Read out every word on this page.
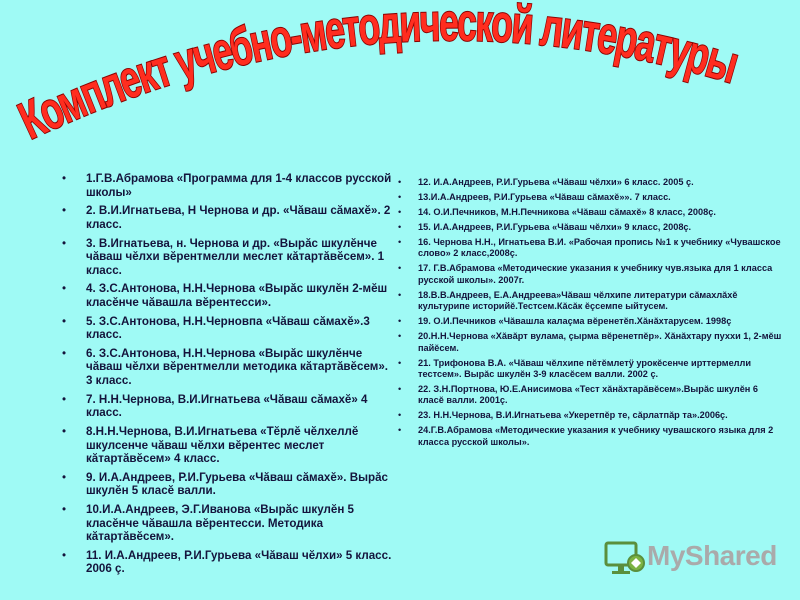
Комплект учебно-методической литературы
• 1.Г.В.Абрамова «Программа для 1-4 классов русской школы»
• 2. В.И.Игнатьева, Н Чернова и др. «Чăваш сăмахĕ». 2 класс.
• 3. В.Игнатьева, н. Чернова и др. «Вырăс шкулĕнче чăваш чĕлхи вĕрентмелли меслет кăтартăвĕсем». 1 класс.
• 4. З.С.Антонова, Н.Н.Чернова «Вырăс шкулĕн 2-мĕш класĕнче чăвашла вĕрентесси».
• 5. З.С.Антонова, Н.Н.Черновпа «Чăваш сăмахĕ».3 класс.
• 6. З.С.Антонова, Н.Н.Чернова «Вырăс шкулĕнче чăваш чĕлхи вĕрентмелли методика кăтартăвĕсем». 3 класс.
• 7. Н.Н.Чернова, В.И.Игнатьева «Чăваш сăмахĕ» 4 класс.
• 8.Н.Н.Чернова, В.И.Игнатьева «Тĕрлĕ чĕлхеллĕ шкулсенче чăваш чĕлхи вĕрентес меслет кăтартăвĕсем» 4 класс.
• 9. И.А.Андреев, Р.И.Гурьева «Чăваш сăмахĕ». Вырăс шкулĕн 5 класĕ валли.
• 10.И.А.Андреев, Э.Г.Иванова «Вырăс шкулĕн 5 класĕнче чăвашла вĕрентесси. Методика кăтартăвĕсем».
• 11. И.А.Андреев, Р.И.Гурьева «Чăваш чĕлхи» 5 класс. 2006 ç.
• 12. И.А.Андреев, Р.И.Гурьева «Чăваш чĕлхи» 6 класс. 2005 ç.
• 13.И.А.Андреев, Р.И.Гурьева «Чăваш сăмахĕ»». 7 класс.
• 14. О.И.Печников, М.Н.Печникова «Чăваш сăмахĕ» 8 класс, 2008ç.
• 15. И.А.Андреев, Р.И.Гурьева «Чăваш чĕлхи» 9 класс, 2008ç.
• 16. Чернова Н.Н., Игнатьева В.И. «Рабочая пропись №1 к учебнику «Чувашское слово» 2 класс,2008ç.
• 17. Г.В.Абрамова «Методические указания к учебнику чув.языка для 1 класса русской школы». 2007г.
• 18.В.В.Андреев, Е.А.Андреева»Чăваш чĕлхипе литератури сăмахлăхĕ культурипе историйĕ.Тестсем.Кăсăк ĕçсемпе ыйтусем.
• 19. О.И.Печников «Чăвашла калаçма вĕренетĕп.Хăнăхтарусем. 1998ç
• 20.Н.Н.Чернова «Хăвăрт вулама, çырма вĕренетпĕр». Хăнăхтару пуххи 1, 2-мĕш пайĕсем.
• 21. Трифонова В.А. «Чăваш чĕлхипе пĕтĕмлетÿ урокĕсенче ирттермелли тестсем». Вырăс шкулĕн 3-9 класĕсем валли. 2002 ç.
• 22. З.Н.Портнова, Ю.Е.Анисимова «Тест хăнăхтарăвĕсем».Вырăс шкулĕн 6 класĕ валли. 2001ç.
• 23. Н.Н.Чернова, В.И.Игнатьева «Укеретпĕр те, сăрлатпăр та».2006ç.
• 24.Г.В.Абрамова «Методические указания к учебнику чувашского языка для 2 класса русской школы».
MyShared
